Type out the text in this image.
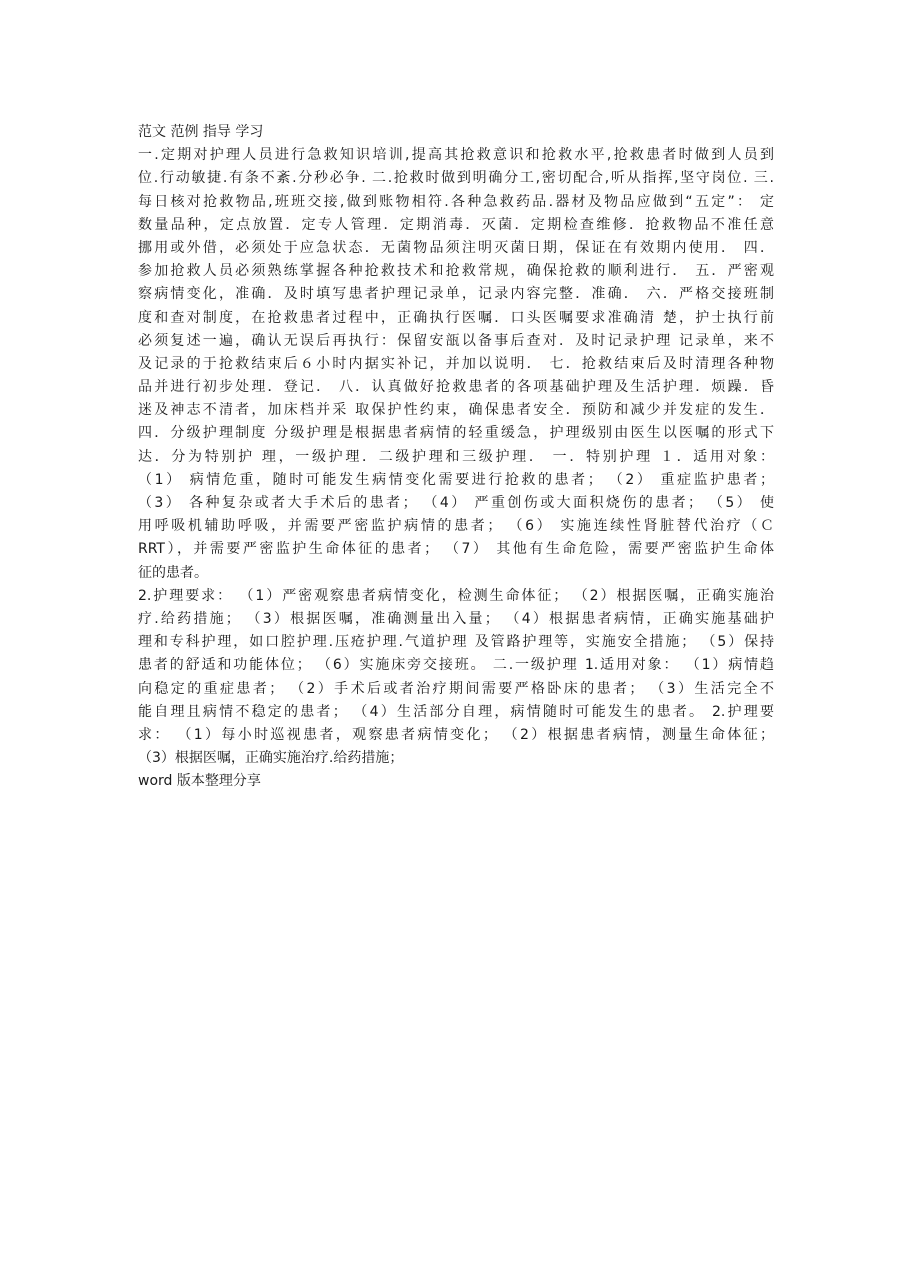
范文 范例 指导 学习
一.定期对护理人员进行急救知识培训,提高其抢救意识和抢救水平,抢救患者时做到人员到
位.行动敏捷.有条不紊.分秒必争. 二.抢救时做到明确分工,密切配合,听从指挥,坚守岗位. 三.
每日核对抢救物品,班班交接,做到账物相符.各种急救药品.器材及物品应做到“五定”： 定
数量品种，定点放置．定专人管理．定期消毒．灭菌．定期检查维修．抢救物品不准任意
挪用或外借，必须处于应急状态．无菌物品须注明灭菌日期，保证在有效期内使用． 四．
参加抢救人员必须熟练掌握各种抢救技术和抢救常规，确保抢救的顺利进行． 五．严密观
察病情变化，准确．及时填写患者护理记录单，记录内容完整．准确． 六．严格交接班制
度和查对制度，在抢救患者过程中，正确执行医嘱．口头医嘱要求准确清 楚，护士执行前
必须复述一遍，确认无误后再执行：保留安瓿以备事后查对．及时记录护理 记录单，来不
及记录的于抢救结束后６小时内据实补记，并加以说明． 七．抢救结束后及时清理各种物
品并进行初步处理．登记． 八．认真做好抢救患者的各项基础护理及生活护理．烦躁．昏
迷及神志不清者，加床档并采 取保护性约束，确保患者安全．预防和减少并发症的发生．
四．分级护理制度 分级护理是根据患者病情的轻重缓急，护理级别由医生以医嘱的形式下
达．分为特别护 理，一级护理．二级护理和三级护理． 一．特别护理 １．适用对象：
（1） 病情危重，随时可能发生病情变化需要进行抢救的患者； （2） 重症监护患者；
（3） 各种复杂或者大手术后的患者； （4） 严重创伤或大面积烧伤的患者； （5） 使
用呼吸机辅助呼吸，并需要严密监护病情的患者； （6） 实施连续性肾脏替代治疗（Ｃ
RRT），并需要严密监护生命体征的患者； （7） 其他有生命危险，需要严密监护生命体
征的患者。
2.护理要求： （1）严密观察患者病情变化，检测生命体征； （2）根据医嘱，正确实施治
疗.给药措施； （3）根据医嘱，准确测量出入量； （4）根据患者病情，正确实施基础护
理和专科护理，如口腔护理.压疮护理.气道护理 及管路护理等，实施安全措施； （5）保持
患者的舒适和功能体位； （6）实施床旁交接班。 二.一级护理 1.适用对象： （1）病情趋
向稳定的重症患者； （2）手术后或者治疗期间需要严格卧床的患者； （3）生活完全不
能自理且病情不稳定的患者； （4）生活部分自理，病情随时可能发生的患者。 2.护理要
求： （1）每小时巡视患者，观察患者病情变化； （2）根据患者病情，测量生命体征；
（3）根据医嘱，正确实施治疗.给药措施；
word 版本整理分享
